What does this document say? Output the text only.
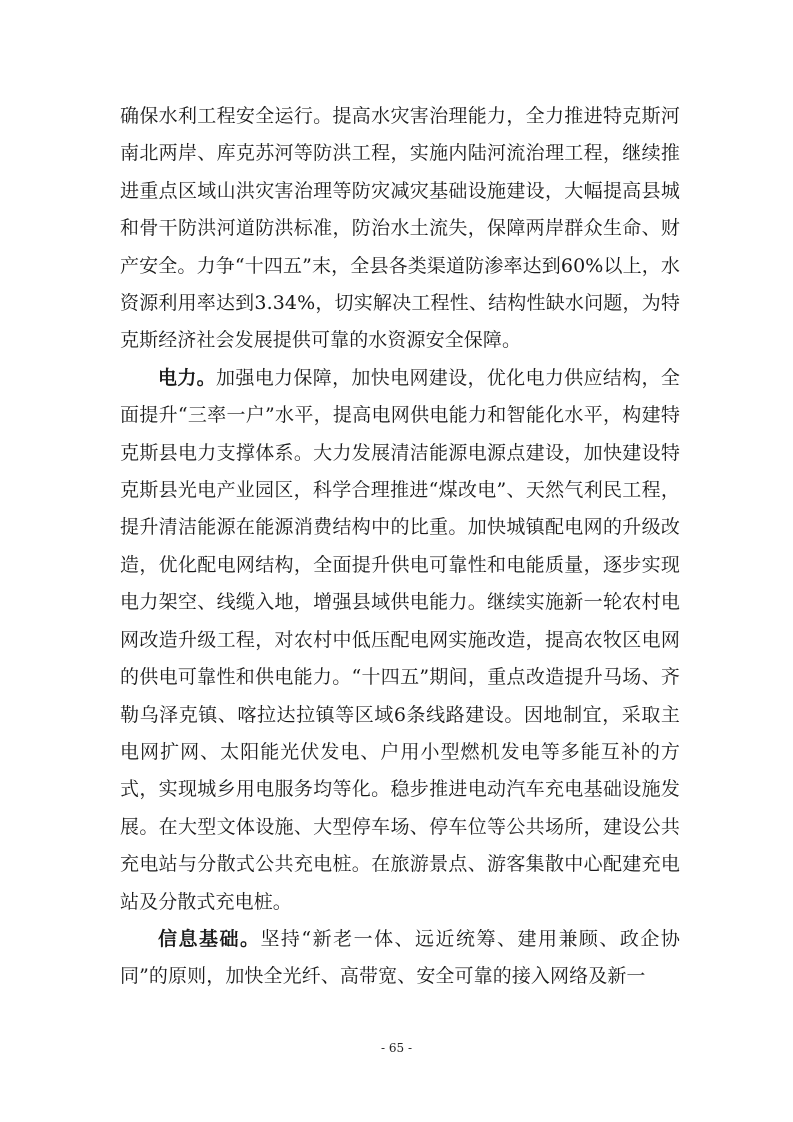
确保水利工程安全运行。提高水灾害治理能力，全力推进特克斯河南北两岸、库克苏河等防洪工程，实施内陆河流治理工程，继续推进重点区域山洪灾害治理等防灾减灾基础设施建设，大幅提高县城和骨干防洪河道防洪标准，防治水土流失，保障两岸群众生命、财产安全。力争“十四五”末，全县各类渠道防渗率达到60%以上，水资源利用率达到3.34%，切实解决工程性、结构性缺水问题，为特克斯经济社会发展提供可靠的水资源安全保障。

电力。加强电力保障，加快电网建设，优化电力供应结构，全面提升“三率一户”水平，提高电网供电能力和智能化水平，构建特克斯县电力支撑体系。大力发展清洁能源电源点建设，加快建设特克斯县光电产业园区，科学合理推进“煤改电”、天然气利民工程，提升清洁能源在能源消费结构中的比重。加快城镇配电网的升级改造，优化配电网结构，全面提升供电可靠性和电能质量，逐步实现电力架空、线缆入地，增强县域供电能力。继续实施新一轮农村电网改造升级工程，对农村中低压配电网实施改造，提高农牧区电网的供电可靠性和供电能力。“十四五”期间，重点改造提升马场、齐勒乌泽克镇、喀拉达拉镇等区域6条线路建设。因地制宜，采取主电网扩网、太阳能光伏发电、户用小型燃机发电等多能互补的方式，实现城乡用电服务均等化。稳步推进电动汽车充电基础设施发展。在大型文体设施、大型停车场、停车位等公共场所，建设公共充电站与分散式公共充电桩。在旅游景点、游客集散中心配建充电站及分散式充电桩。

信息基础。坚持“新老一体、远近统筹、建用兼顾、政企协同”的原则，加快全光纤、高带宽、安全可靠的接入网络及新一

- 65 -
